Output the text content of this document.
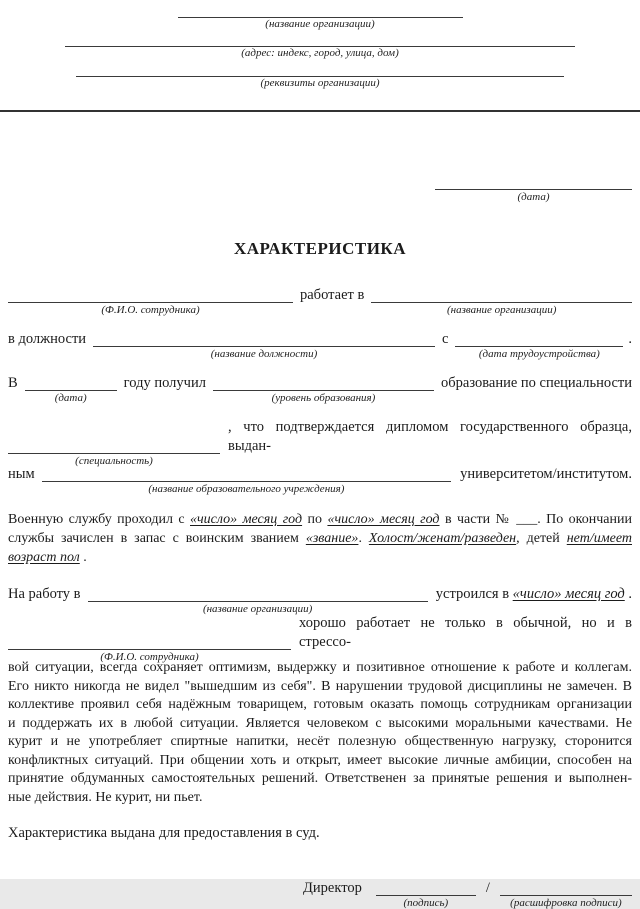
(название организации)
(адрес: индекс, город, улица, дом)
(реквизиты организации)
(дата)
ХАРАКТЕРИСТИКА
(Ф.И.О. сотрудника)
работает в
(название организации)
в должности
(название должности)
с
(дата трудоустройства)
.
В
(дата)
году получил
(уровень образования)
образование по специальности
(специальность)
, что подтверждается дипломом государственного образца, выдан-
ным
(название образовательного учреждения)
университетом/институтом.
Военную службу проходил с «число» месяц год по «число» месяц год в части № ___. По окончании
службы зачислен в запас с воинским званием «звание». Холост/женат/разведен, детей нет/имеет
возраст пол .
На работу в
(название организации)
устроился в «число» месяц год .
(Ф.И.О. сотрудника)
хорошо работает не только в обычной, но и в стрессо-
вой ситуации, всегда сохраняет оптимизм, выдержку и позитивное отношение к работе и коллегам.
Его никто никогда не видел "вышедшим из себя". В нарушении трудовой дисциплины не замечен. В
коллективе проявил себя надёжным товарищем, готовым оказать помощь сотрудникам организации
и поддержать их в любой ситуации. Является человеком с высокими моральными качествами. Не
курит и не употребляет спиртные напитки, несёт полезную общественную нагрузку, сторонится
конфликтных ситуаций. При общении хоть и открыт, имеет высокие личные амбиции, способен на
принятие обдуманных самостоятельных решений. Ответственен за принятые решения и выполнен-
ные действия. Не курит, ни пьет.
Характеристика выдана для предоставления в суд.
Директор
(подпись)
/
(расшифровка подписи)
